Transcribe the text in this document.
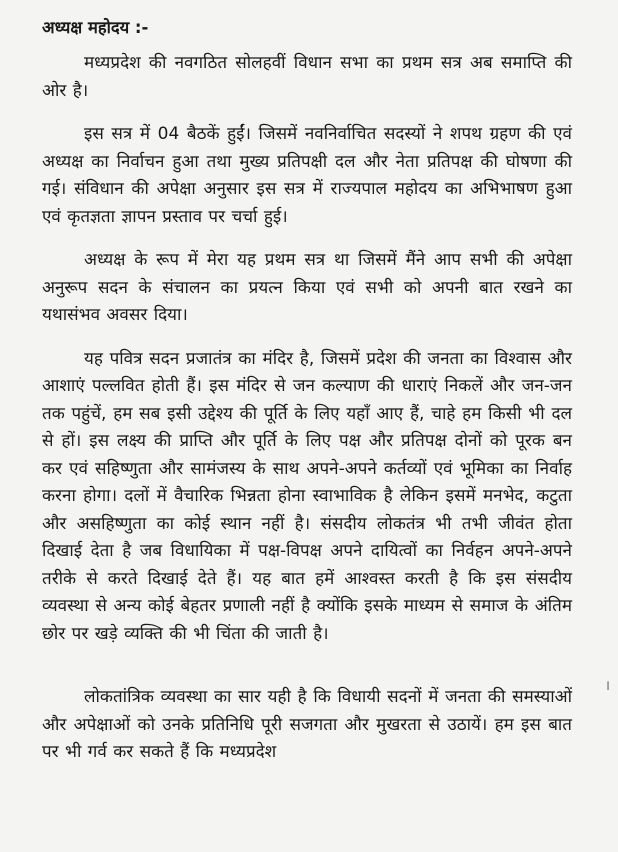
अध्यक्ष महोदय :-

मध्यप्रदेश की नवगठित सोलहवीं विधान सभा का प्रथम सत्र अब समाप्ति की ओर है।

इस सत्र में 04 बैठकें हुईं। जिसमें नवनिर्वाचित सदस्यों ने शपथ ग्रहण की एवं अध्यक्ष का निर्वाचन हुआ तथा मुख्य प्रतिपक्षी दल और नेता प्रतिपक्ष की घोषणा की गई। संविधान की अपेक्षा अनुसार इस सत्र में राज्यपाल महोदय का अभिभाषण हुआ एवं कृतज्ञता ज्ञापन प्रस्ताव पर चर्चा हुई।

अध्यक्ष के रूप में मेरा यह प्रथम सत्र था जिसमें मैंने आप सभी की अपेक्षा अनुरूप सदन के संचालन का प्रयत्न किया एवं सभी को अपनी बात रखने का यथासंभव अवसर दिया।

यह पवित्र सदन प्रजातंत्र का मंदिर है, जिसमें प्रदेश की जनता का विश्वास और आशाएं पल्लवित होती हैं। इस मंदिर से जन कल्याण की धाराएं निकलें और जन-जन तक पहुंचें, हम सब इसी उद्देश्य की पूर्ति के लिए यहाँ आए हैं, चाहे हम किसी भी दल से हों। इस लक्ष्य की प्राप्ति और पूर्ति के लिए पक्ष और प्रतिपक्ष दोनों को पूरक बन कर एवं सहिष्णुता और सामंजस्य के साथ अपने-अपने कर्तव्यों एवं भूमिका का निर्वाह करना होगा। दलों में वैचारिक भिन्नता होना स्वाभाविक है लेकिन इसमें मनभेद, कटुता और असहिष्णुता का कोई स्थान नहीं है। संसदीय लोकतंत्र भी तभी जीवंत होता दिखाई देता है जब विधायिका में पक्ष-विपक्ष अपने दायित्वों का निर्वहन अपने-अपने तरीके से करते दिखाई देते हैं। यह बात हमें आश्वस्त करती है कि इस संसदीय व्यवस्था से अन्य कोई बेहतर प्रणाली नहीं है क्योंकि इसके माध्यम से समाज के अंतिम छोर पर खड़े व्यक्ति की भी चिंता की जाती है।

लोकतांत्रिक व्यवस्था का सार यही है कि विधायी सदनों में जनता की समस्याओं और अपेक्षाओं को उनके प्रतिनिधि पूरी सजगता और मुखरता से उठायें। हम इस बात पर भी गर्व कर सकते हैं कि मध्यप्रदेश

।
